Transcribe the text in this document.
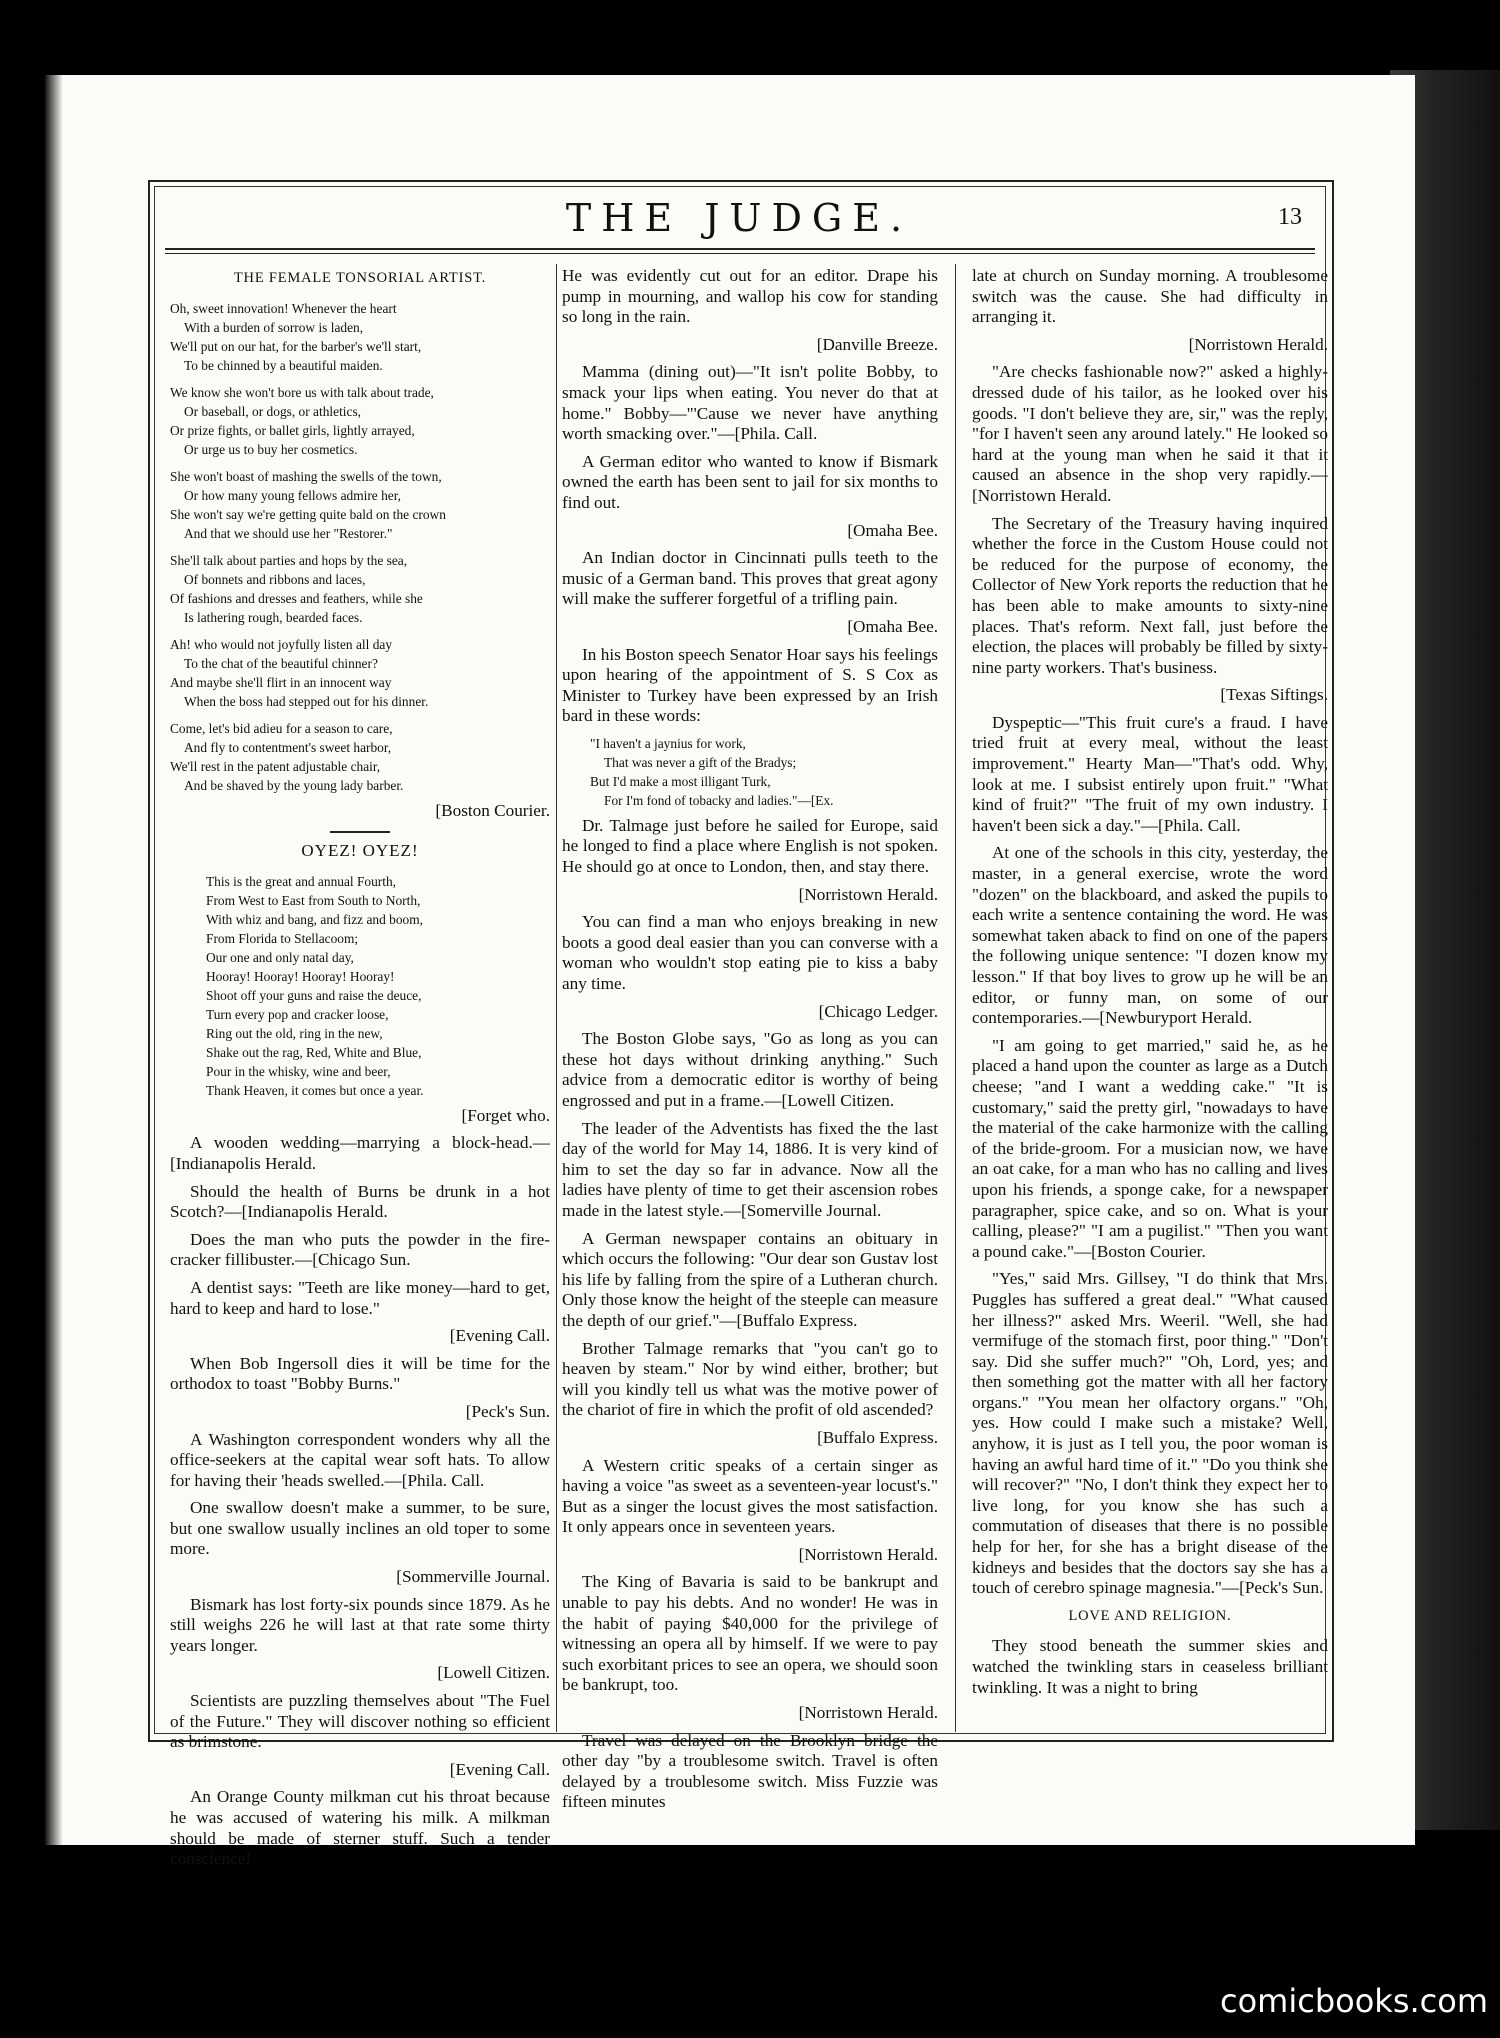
THE JUDGE.	13
THE FEMALE TONSORIAL ARTIST.
Oh, sweet innovation! Whenever the heart
With a burden of sorrow is laden,
We'll put on our hat, for the barber's we'll start,
To be chinned by a beautiful maiden.
We know she won't bore us with talk about trade,
Or baseball, or dogs, or athletics,
Or prize fights, or ballet girls, lightly arrayed,
Or urge us to buy her cosmetics.
She won't boast of mashing the swells of the town,
Or how many young fellows admire her,
She won't say we're getting quite bald on the crown
And that we should use her "Restorer."
She'll talk about parties and hops by the sea,
Of bonnets and ribbons and laces,
Of fashions and dresses and feathers, while she
Is lathering rough, bearded faces.
Ah! who would not joyfully listen all day
To the chat of the beautiful chinner?
And maybe she'll flirt in an innocent way
When the boss had stepped out for his dinner.
Come, let's bid adieu for a season to care,
And fly to contentment's sweet harbor,
We'll rest in the patent adjustable chair,
And be shaved by the young lady barber.
[Boston Courier.
OYEZ! OYEZ!
This is the great and annual Fourth,
From West to East from South to North,
With whiz and bang, and fizz and boom,
From Florida to Stellacoom;
Our one and only natal day,
Hooray! Hooray! Hooray! Hooray!
Shoot off your guns and raise the deuce,
Turn every pop and cracker loose,
Ring out the old, ring in the new,
Shake out the rag, Red, White and Blue,
Pour in the whisky, wine and beer,
Thank Heaven, it comes but once a year.
[Forget who.

A wooden wedding—marrying a block-head.—[Indianapolis Herald.

Should the health of Burns be drunk in a hot Scotch?—[Indianapolis Herald.

Does the man who puts the powder in the fire-cracker fillibuster.—[Chicago Sun.

A dentist says: "Teeth are like money—hard to get, hard to keep and hard to lose."

[Evening Call.

When Bob Ingersoll dies it will be time for the orthodox to toast "Bobby Burns."

[Peck's Sun.

A Washington correspondent wonders why all the office-seekers at the capital wear soft hats. To allow for having their 'heads swelled.—[Phila. Call.

One swallow doesn't make a summer, to be sure, but one swallow usually inclines an old toper to some more.

[Sommerville Journal.

Bismark has lost forty-six pounds since 1879. As he still weighs 226 he will last at that rate some thirty years longer.

[Lowell Citizen.

Scientists are puzzling themselves about "The Fuel of the Future." They will discover nothing so efficient as brimstone.

[Evening Call.

An Orange County milkman cut his throat because he was accused of watering his milk. A milkman should be made of sterner stuff. Such a tender conscience!

He was evidently cut out for an editor. Drape his pump in mourning, and wallop his cow for standing so long in the rain.

[Danville Breeze.

Mamma (dining out)—"It isn't polite Bobby, to smack your lips when eating. You never do that at home." Bobby—"'Cause we never have anything worth smacking over."—[Phila. Call.

A German editor who wanted to know if Bismark owned the earth has been sent to jail for six months to find out.

[Omaha Bee.

An Indian doctor in Cincinnati pulls teeth to the music of a German band. This proves that great agony will make the sufferer forgetful of a trifling pain.

[Omaha Bee.

In his Boston speech Senator Hoar says his feelings upon hearing of the appointment of S. S Cox as Minister to Turkey have been expressed by an Irish bard in these words:

"I haven't a jaynius for work,
That was never a gift of the Bradys;
But I'd make a most illigant Turk,
For I'm fond of tobacky and ladies."—[Ex.

Dr. Talmage just before he sailed for Europe, said he longed to find a place where English is not spoken. He should go at once to London, then, and stay there.

[Norristown Herald.

You can find a man who enjoys breaking in new boots a good deal easier than you can converse with a woman who wouldn't stop eating pie to kiss a baby any time.

[Chicago Ledger.

The Boston Globe says, "Go as long as you can these hot days without drinking anything." Such advice from a democratic editor is worthy of being engrossed and put in a frame.—[Lowell Citizen.

The leader of the Adventists has fixed the the last day of the world for May 14, 1886. It is very kind of him to set the day so far in advance. Now all the ladies have plenty of time to get their ascension robes made in the latest style.—[Somerville Journal.

A German newspaper contains an obituary in which occurs the following: "Our dear son Gustav lost his life by falling from the spire of a Lutheran church. Only those know the height of the steeple can measure the depth of our grief."—[Buffalo Express.

Brother Talmage remarks that "you can't go to heaven by steam." Nor by wind either, brother; but will you kindly tell us what was the motive power of the chariot of fire in which the profit of old ascended?

[Buffalo Express.

A Western critic speaks of a certain singer as having a voice "as sweet as a seventeen-year locust's." But as a singer the locust gives the most satisfaction. It only appears once in seventeen years.

[Norristown Herald.

The King of Bavaria is said to be bankrupt and unable to pay his debts. And no wonder! He was in the habit of paying $40,000 for the privilege of witnessing an opera all by himself. If we were to pay such exorbitant prices to see an opera, we should soon be bankrupt, too.

[Norristown Herald.

Travel was delayed on the Brooklyn bridge the other day "by a troublesome switch. Travel is often delayed by a troublesome switch. Miss Fuzzie was fifteen minutes

late at church on Sunday morning. A troublesome switch was the cause. She had difficulty in arranging it.

[Norristown Herald.

"Are checks fashionable now?" asked a highly-dressed dude of his tailor, as he looked over his goods. "I don't believe they are, sir," was the reply, "for I haven't seen any around lately." He looked so hard at the young man when he said it that it caused an absence in the shop very rapidly.—[Norristown Herald.

The Secretary of the Treasury having inquired whether the force in the Custom House could not be reduced for the purpose of economy, the Collector of New York reports the reduction that he has been able to make amounts to sixty-nine places. That's reform. Next fall, just before the election, the places will probably be filled by sixty-nine party workers. That's business.

[Texas Siftings.

Dyspeptic—"This fruit cure's a fraud. I have tried fruit at every meal, without the least improvement." Hearty Man—"That's odd. Why, look at me. I subsist entirely upon fruit." "What kind of fruit?" "The fruit of my own industry. I haven't been sick a day."—[Phila. Call.

At one of the schools in this city, yesterday, the master, in a general exercise, wrote the word "dozen" on the blackboard, and asked the pupils to each write a sentence containing the word. He was somewhat taken aback to find on one of the papers the following unique sentence: "I dozen know my lesson." If that boy lives to grow up he will be an editor, or funny man, on some of our contemporaries.—[Newburyport Herald.

"I am going to get married," said he, as he placed a hand upon the counter as large as a Dutch cheese; "and I want a wedding cake." "It is customary," said the pretty girl, "nowadays to have the material of the cake harmonize with the calling of the bride-groom. For a musician now, we have an oat cake, for a man who has no calling and lives upon his friends, a sponge cake, for a newspaper paragrapher, spice cake, and so on. What is your calling, please?" "I am a pugilist." "Then you want a pound cake."—[Boston Courier.

"Yes," said Mrs. Gillsey, "I do think that Mrs. Puggles has suffered a great deal." "What caused her illness?" asked Mrs. Weeril. "Well, she had vermifuge of the stomach first, poor thing." "Don't say. Did she suffer much?" "Oh, Lord, yes; and then something got the matter with all her factory organs." "You mean her olfactory organs." "Oh, yes. How could I make such a mistake? Well, anyhow, it is just as I tell you, the poor woman is having an awful hard time of it." "Do you think she will recover?" "No, I don't think they expect her to live long, for you know she has such a commutation of diseases that there is no possible help for her, for she has a bright disease of the kidneys and besides that the doctors say she has a touch of cerebro spinage magnesia."—[Peck's Sun.

LOVE AND RELIGION.

They stood beneath the summer skies and watched the twinkling stars in ceaseless brilliant twinkling. It was a night to bring

comicbooks.com
